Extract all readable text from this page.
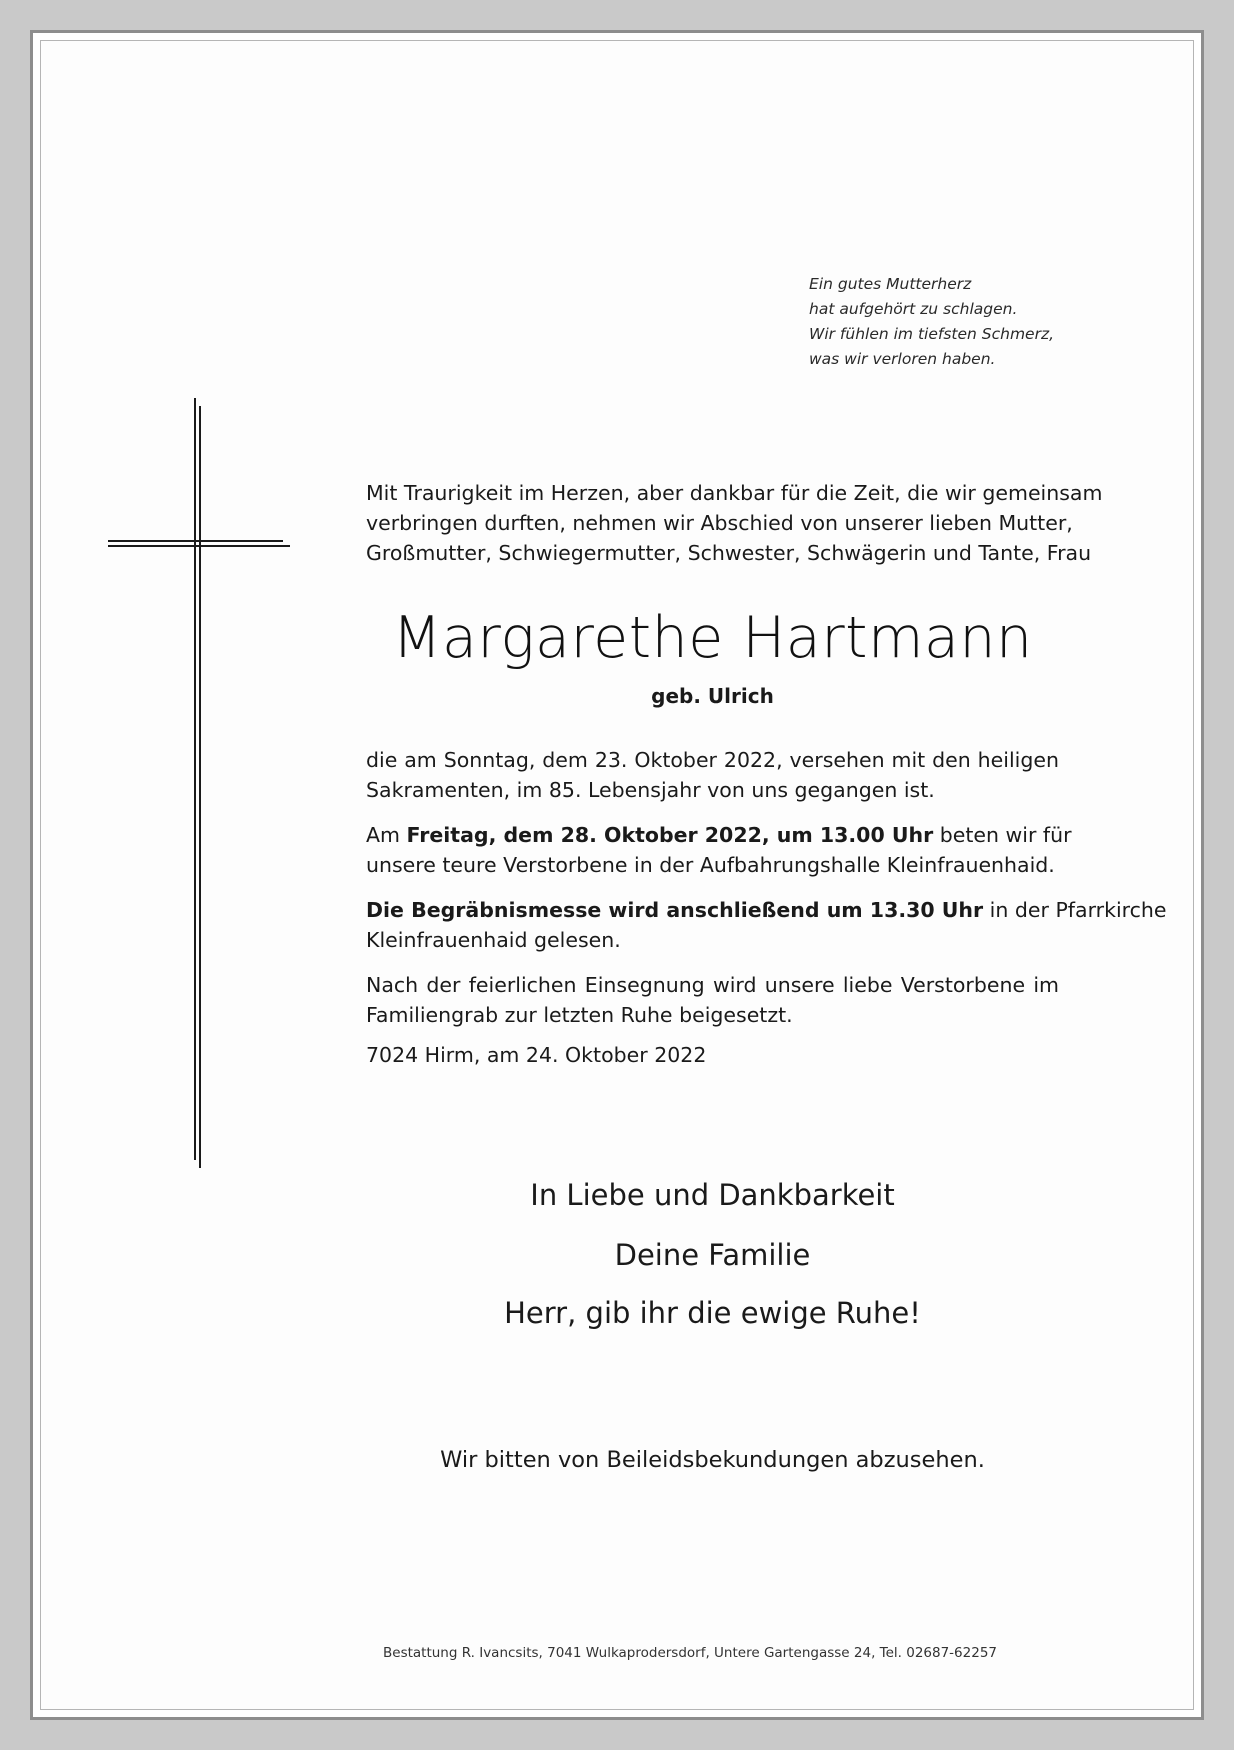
Ein gutes Mutterherz
hat aufgehört zu schlagen.
Wir fühlen im tiefsten Schmerz,
was wir verloren haben.
Mit Traurigkeit im Herzen, aber dankbar für die Zeit, die wir gemeinsam
verbringen durften, nehmen wir Abschied von unserer lieben Mutter,
Großmutter, Schwiegermutter, Schwester, Schwägerin und Tante, Frau
Margarethe Hartmann
geb. Ulrich
die am Sonntag, dem 23. Oktober 2022, versehen mit den heiligen
Sakramenten, im 85. Lebensjahr von uns gegangen ist.
Am Freitag, dem 28. Oktober 2022, um 13.00 Uhr beten wir für
unsere teure Verstorbene in der Aufbahrungshalle Kleinfrauenhaid.
Die Begräbnismesse wird anschließend um 13.30 Uhr in der Pfarrkirche
Kleinfrauenhaid gelesen.
Nach der feierlichen Einsegnung wird unsere liebe Verstorbene im
Familiengrab zur letzten Ruhe beigesetzt.
7024 Hirm, am 24. Oktober 2022
In Liebe und Dankbarkeit
Deine Familie
Herr, gib ihr die ewige Ruhe!
Wir bitten von Beileidsbekundungen abzusehen.
Bestattung R. Ivancsits, 7041 Wulkaprodersdorf, Untere Gartengasse 24, Tel. 02687-62257
